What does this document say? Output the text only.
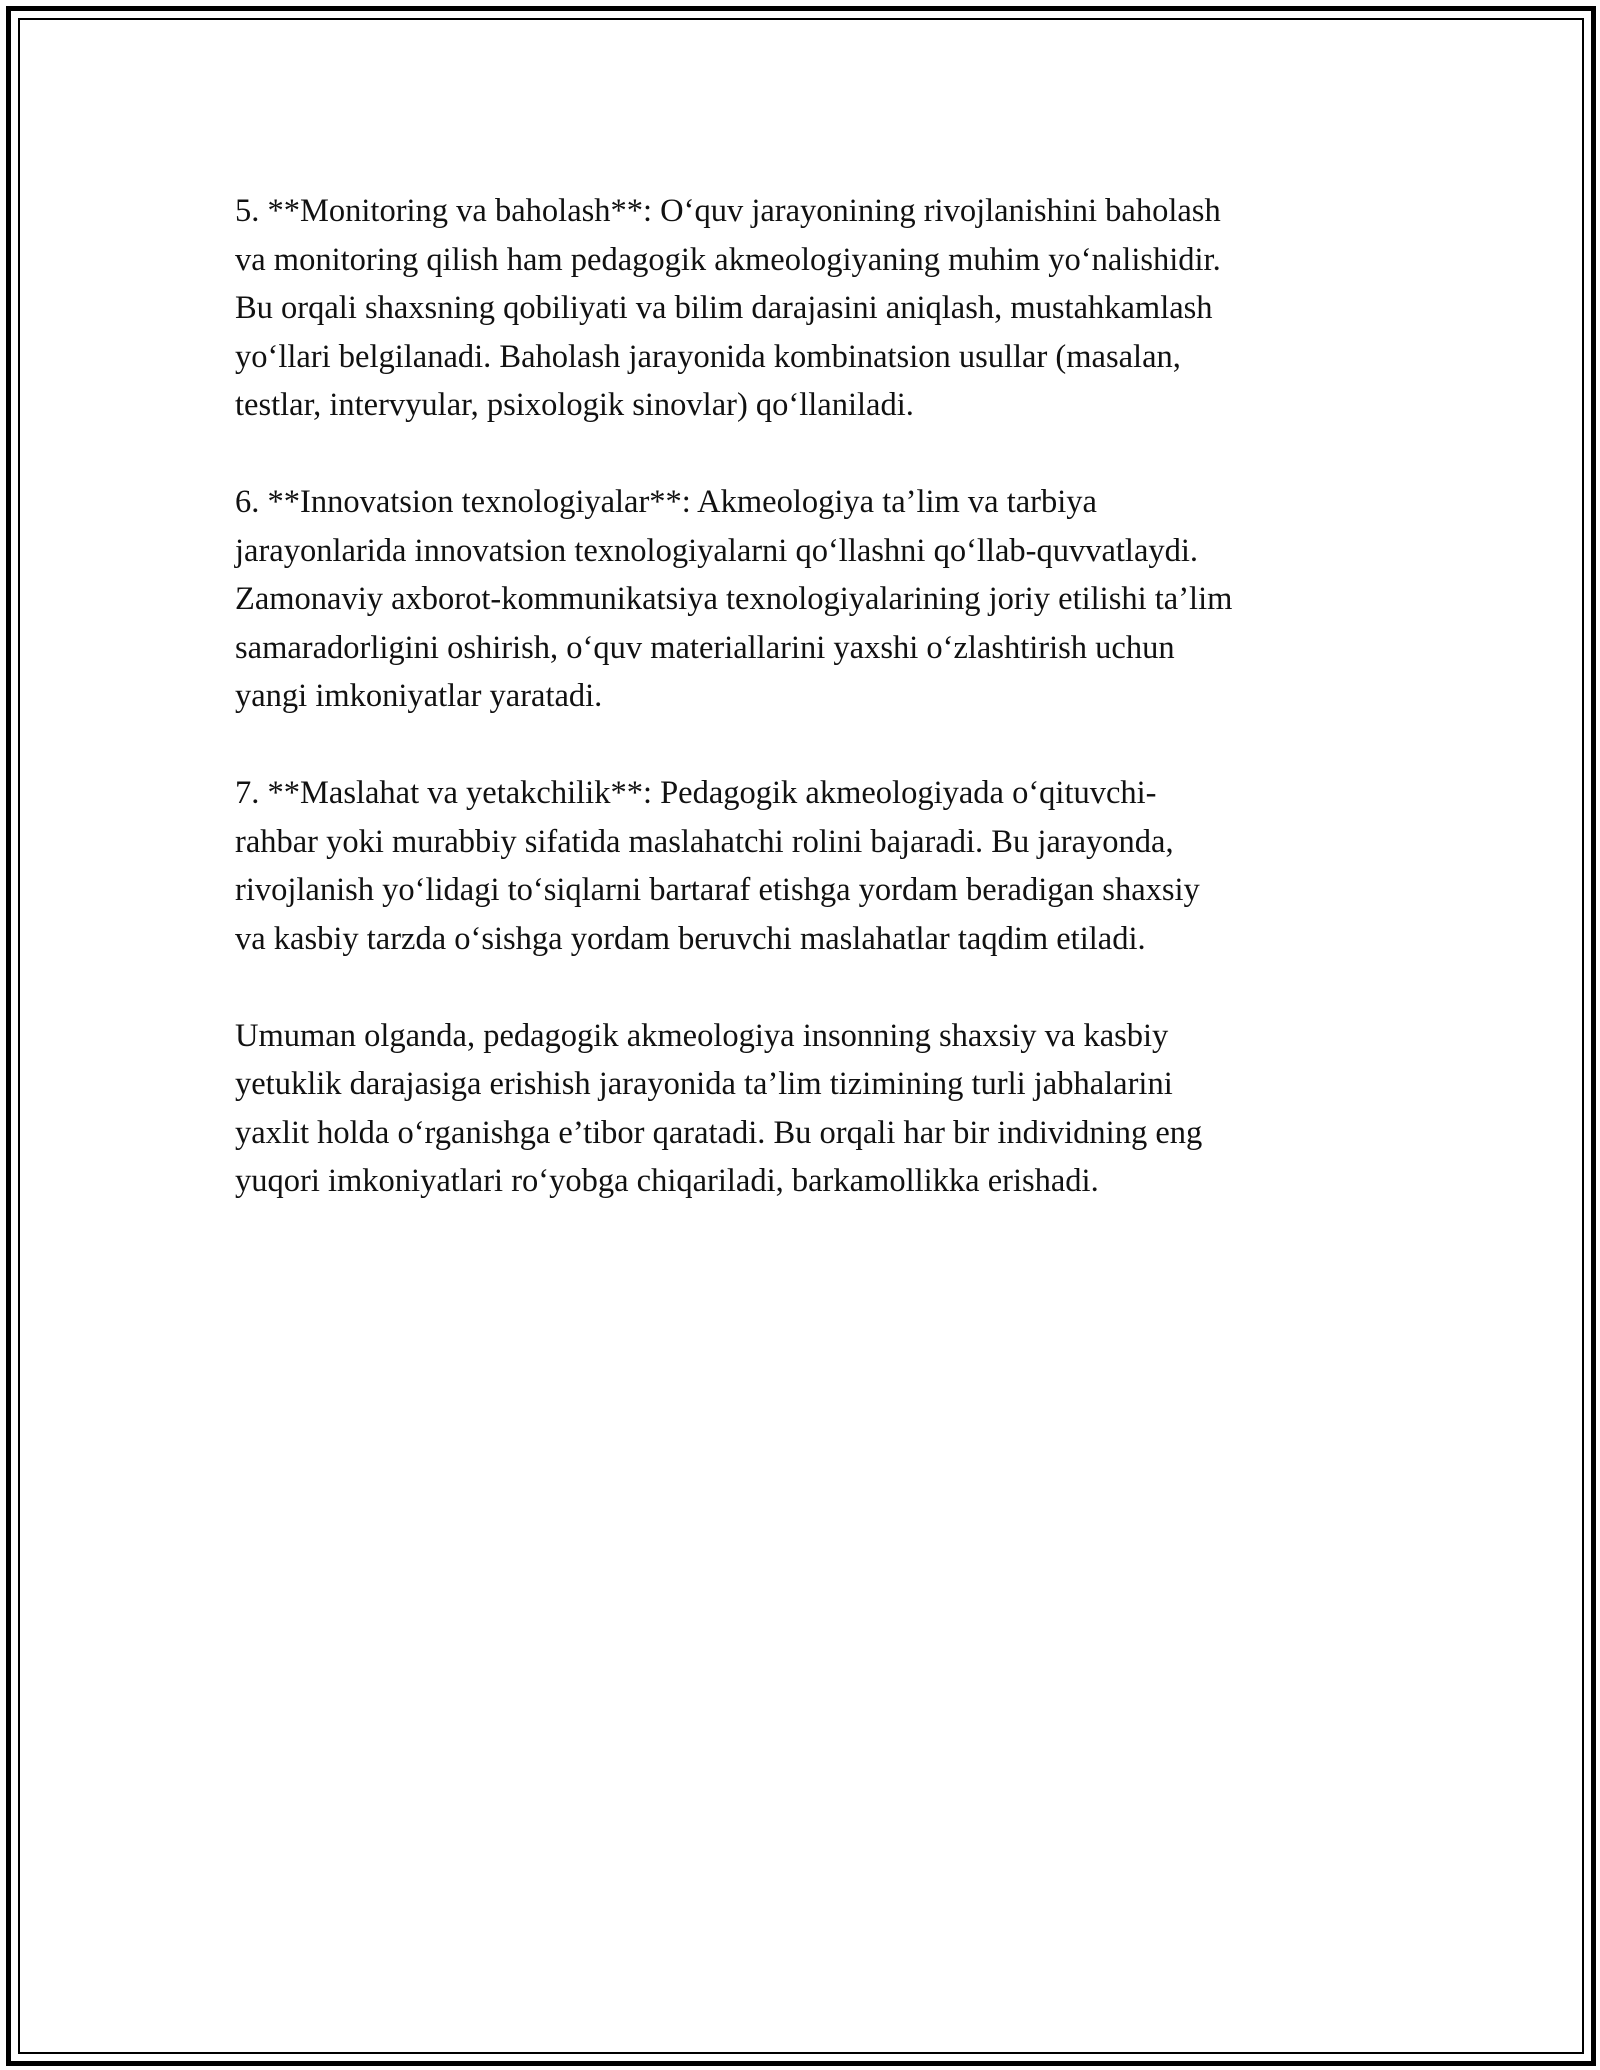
5. **Monitoring va baholash**: O‘quv jarayonining rivojlanishini baholash
va monitoring qilish ham pedagogik akmeologiyaning muhim yo‘nalishidir.
Bu orqali shaxsning qobiliyati va bilim darajasini aniqlash, mustahkamlash
yo‘llari belgilanadi. Baholash jarayonida kombinatsion usullar (masalan,
testlar, intervyular, psixologik sinovlar) qo‘llaniladi.

6. **Innovatsion texnologiyalar**: Akmeologiya ta’lim va tarbiya
jarayonlarida innovatsion texnologiyalarni qo‘llashni qo‘llab-quvvatlaydi.
Zamonaviy axborot-kommunikatsiya texnologiyalarining joriy etilishi ta’lim
samaradorligini oshirish, o‘quv materiallarini yaxshi o‘zlashtirish uchun
yangi imkoniyatlar yaratadi.

7. **Maslahat va yetakchilik**: Pedagogik akmeologiyada o‘qituvchi-
rahbar yoki murabbiy sifatida maslahatchi rolini bajaradi. Bu jarayonda,
rivojlanish yo‘lidagi to‘siqlarni bartaraf etishga yordam beradigan shaxsiy
va kasbiy tarzda o‘sishga yordam beruvchi maslahatlar taqdim etiladi.

Umuman olganda, pedagogik akmeologiya insonning shaxsiy va kasbiy
yetuklik darajasiga erishish jarayonida ta’lim tizimining turli jabhalarini
yaxlit holda o‘rganishga e’tibor qaratadi. Bu orqali har bir individning eng
yuqori imkoniyatlari ro‘yobga chiqariladi, barkamollikka erishadi.
